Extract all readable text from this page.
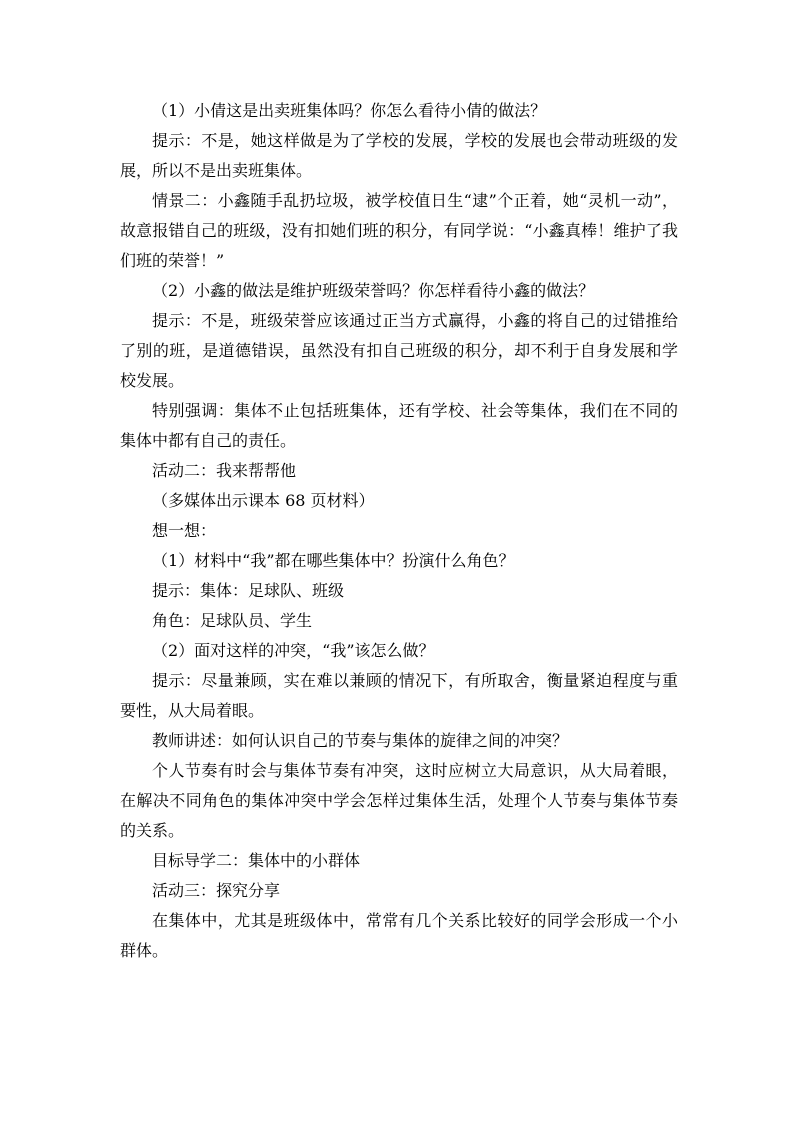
（1）小倩这是出卖班集体吗？你怎么看待小倩的做法？

提示：不是，她这样做是为了学校的发展，学校的发展也会带动班级的发展，所以不是出卖班集体。

情景二：小鑫随手乱扔垃圾，被学校值日生“逮”个正着，她“灵机一动”，故意报错自己的班级，没有扣她们班的积分，有同学说：“小鑫真棒！维护了我们班的荣誉！”

（2）小鑫的做法是维护班级荣誉吗？你怎样看待小鑫的做法？

提示：不是，班级荣誉应该通过正当方式赢得，小鑫的将自己的过错推给了别的班，是道德错误，虽然没有扣自己班级的积分，却不利于自身发展和学校发展。

特别强调：集体不止包括班集体，还有学校、社会等集体，我们在不同的集体中都有自己的责任。

活动二：我来帮帮他

（多媒体出示课本 68 页材料）

想一想：

（1）材料中“我”都在哪些集体中？扮演什么角色？

提示：集体：足球队、班级

角色：足球队员、学生

（2）面对这样的冲突，“我”该怎么做？

提示：尽量兼顾，实在难以兼顾的情况下，有所取舍，衡量紧迫程度与重要性，从大局着眼。

教师讲述：如何认识自己的节奏与集体的旋律之间的冲突？

个人节奏有时会与集体节奏有冲突，这时应树立大局意识，从大局着眼，在解决不同角色的集体冲突中学会怎样过集体生活，处理个人节奏与集体节奏的关系。

目标导学二：集体中的小群体

活动三：探究分享

在集体中，尤其是班级体中，常常有几个关系比较好的同学会形成一个小群体。
